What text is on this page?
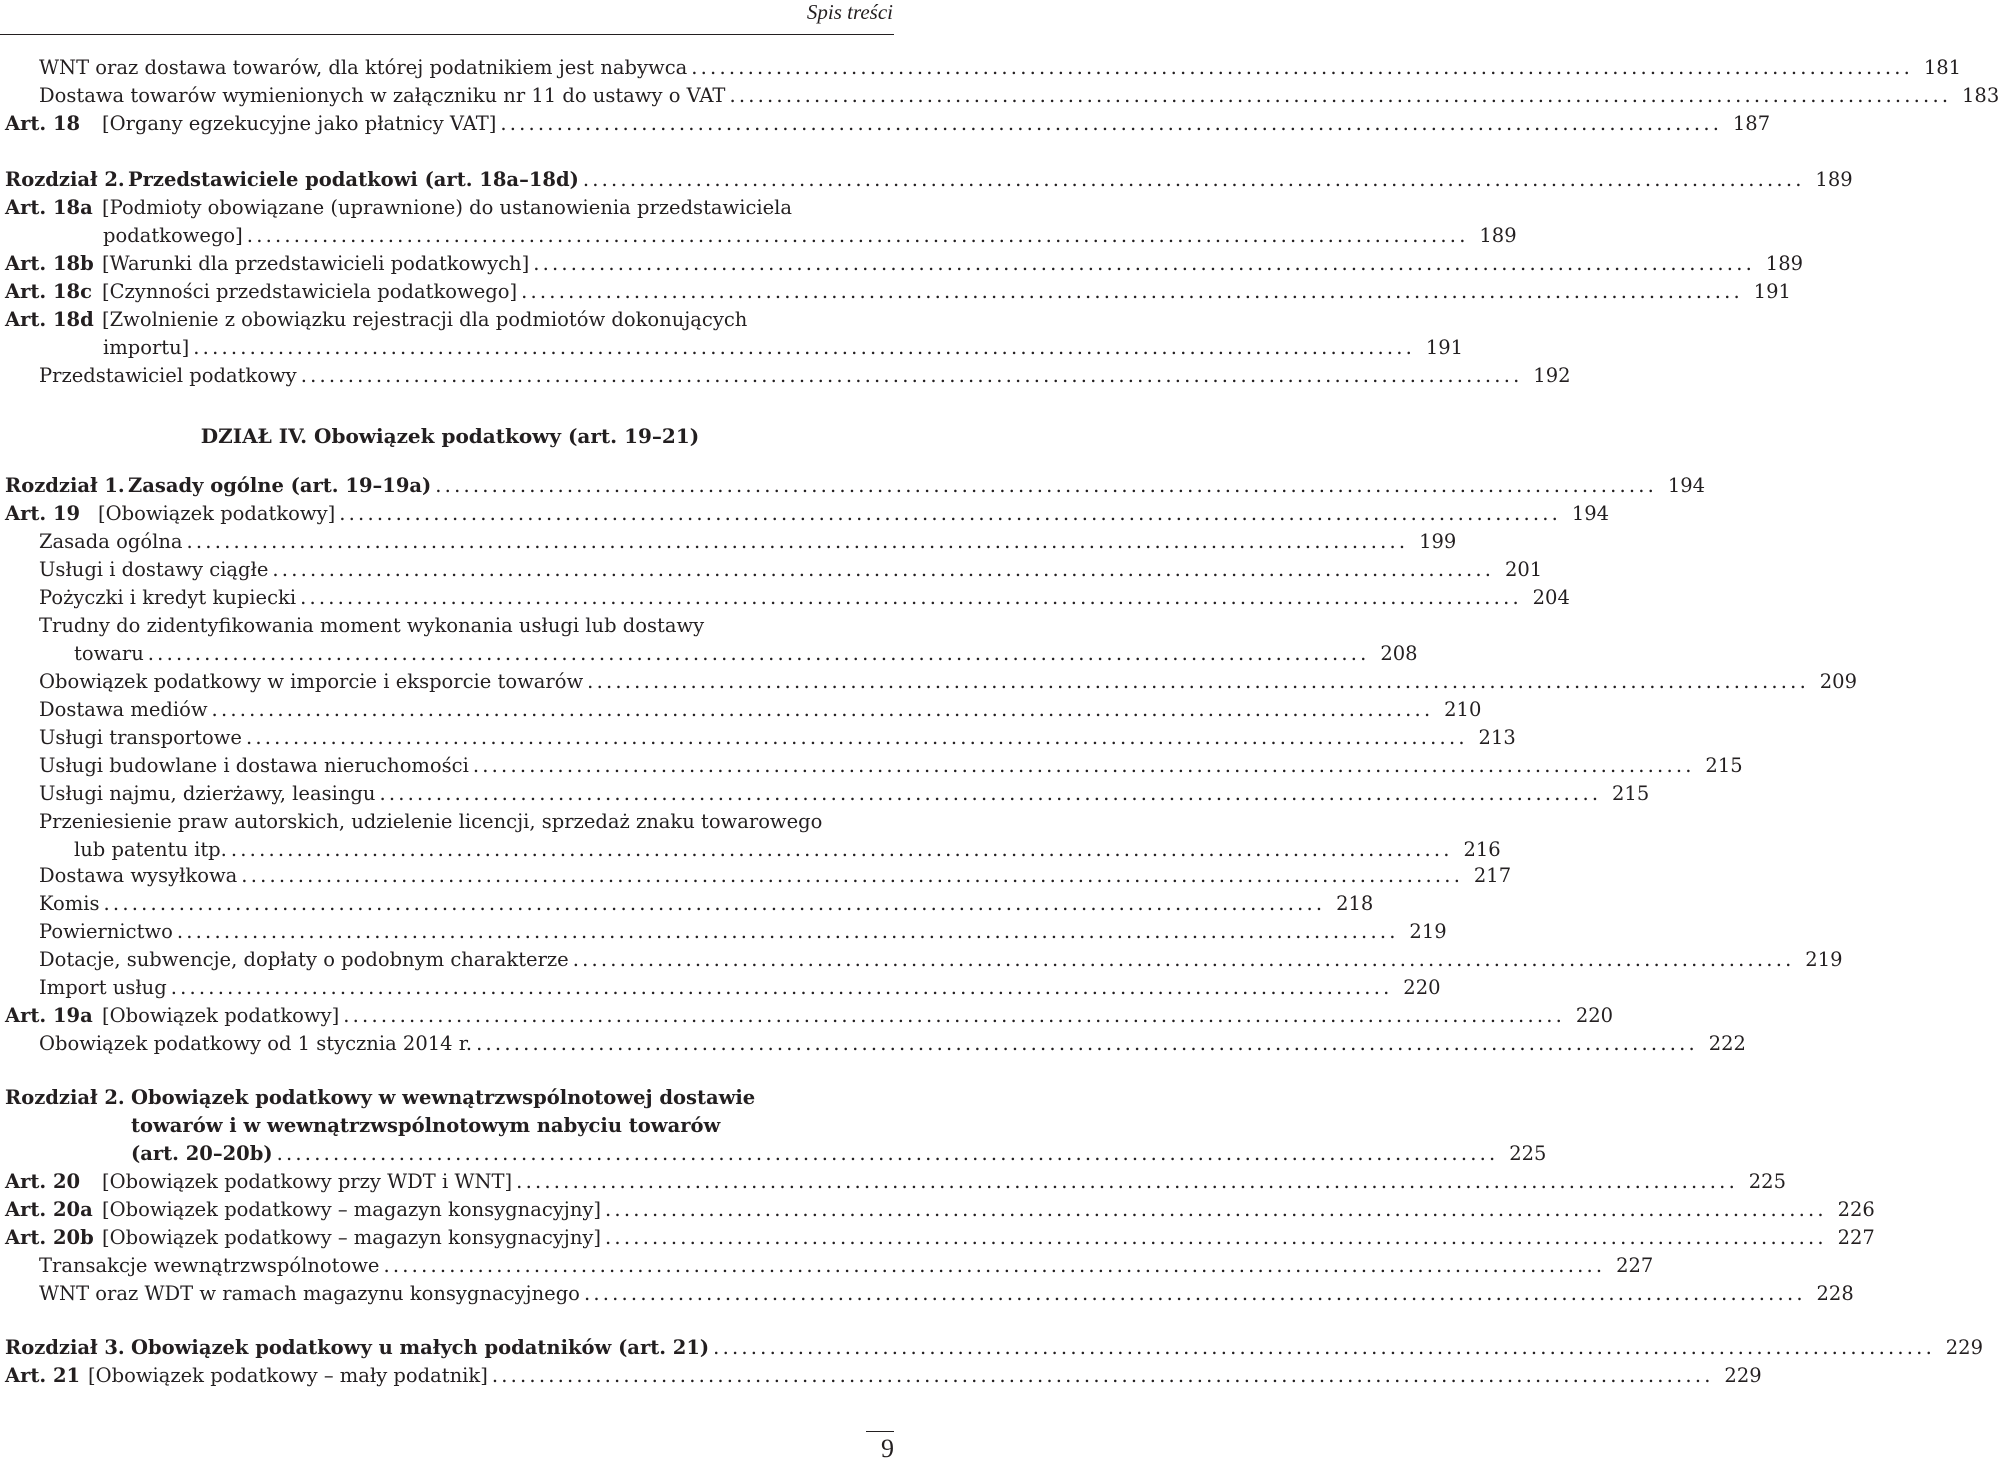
Spis treści
WNT oraz dostawa towarów, dla której podatnikiem jest nabywca .................................................................................................................................. 181
Dostawa towarów wymienionych w załączniku nr 11 do ustawy o VAT .................................................................................................................................. 183
Art. 18	[Organy egzekucyjne jako płatnicy VAT] .................................................................................................................................. 187
Rozdział 2. Przedstawiciele podatkowi (art. 18a–18d) .................................................................................................................................. 189
Art. 18a [Podmioty obowiązane (uprawnione) do ustanowienia przedstawiciela
podatkowego] .................................................................................................................................. 189
Art. 18b [Warunki dla przedstawicieli podatkowych] .................................................................................................................................. 189
Art. 18c [Czynności przedstawiciela podatkowego] .................................................................................................................................. 191
Art. 18d [Zwolnienie z obowiązku rejestracji dla podmiotów dokonujących
importu] .................................................................................................................................. 191
Przedstawiciel podatkowy .................................................................................................................................. 192
Rozdział 1. Zasady ogólne (art. 19–19a) .................................................................................................................................. 194
Art. 19 [Obowiązek podatkowy] .................................................................................................................................. 194
Zasada ogólna .................................................................................................................................. 199
Usługi i dostawy ciągłe .................................................................................................................................. 201
Pożyczki i kredyt kupiecki .................................................................................................................................. 204
Trudny do zidentyfikowania moment wykonania usługi lub dostawy
towaru .................................................................................................................................. 208
Obowiązek podatkowy w imporcie i eksporcie towarów .................................................................................................................................. 209
Dostawa mediów .................................................................................................................................. 210
Usługi transportowe .................................................................................................................................. 213
Usługi budowlane i dostawa nieruchomości .................................................................................................................................. 215
Usługi najmu, dzierżawy, leasingu .................................................................................................................................. 215
Przeniesienie praw autorskich, udzielenie licencji, sprzedaż znaku towarowego
lub patentu itp. .................................................................................................................................. 216
Dostawa wysyłkowa .................................................................................................................................. 217
Komis .................................................................................................................................. 218
Powiernictwo .................................................................................................................................. 219
Dotacje, subwencje, dopłaty o podobnym charakterze .................................................................................................................................. 219
Import usług .................................................................................................................................. 220
Art. 19a [Obowiązek podatkowy] .................................................................................................................................. 220
Obowiązek podatkowy od 1 stycznia 2014 r. .................................................................................................................................. 222
Rozdział 2. Obowiązek podatkowy w wewnątrzwspólnotowej dostawie
towarów i w wewnątrzwspólnotowym nabyciu towarów
(art. 20–20b) .................................................................................................................................. 225
Art. 20	[Obowiązek podatkowy przy WDT i WNT] .................................................................................................................................. 225
Art. 20a [Obowiązek podatkowy – magazyn konsygnacyjny] .................................................................................................................................. 226
Art. 20b [Obowiązek podatkowy – magazyn konsygnacyjny] .................................................................................................................................. 227
Transakcje wewnątrzwspólnotowe .................................................................................................................................. 227
WNT oraz WDT w ramach magazynu konsygnacyjnego .................................................................................................................................. 228
Rozdział 3. Obowiązek podatkowy u małych podatników (art. 21) .................................................................................................................................. 229
Art. 21 [Obowiązek podatkowy – mały podatnik] .................................................................................................................................. 229
DZIAŁ IV. Obowiązek podatkowy (art. 19–21)
9
